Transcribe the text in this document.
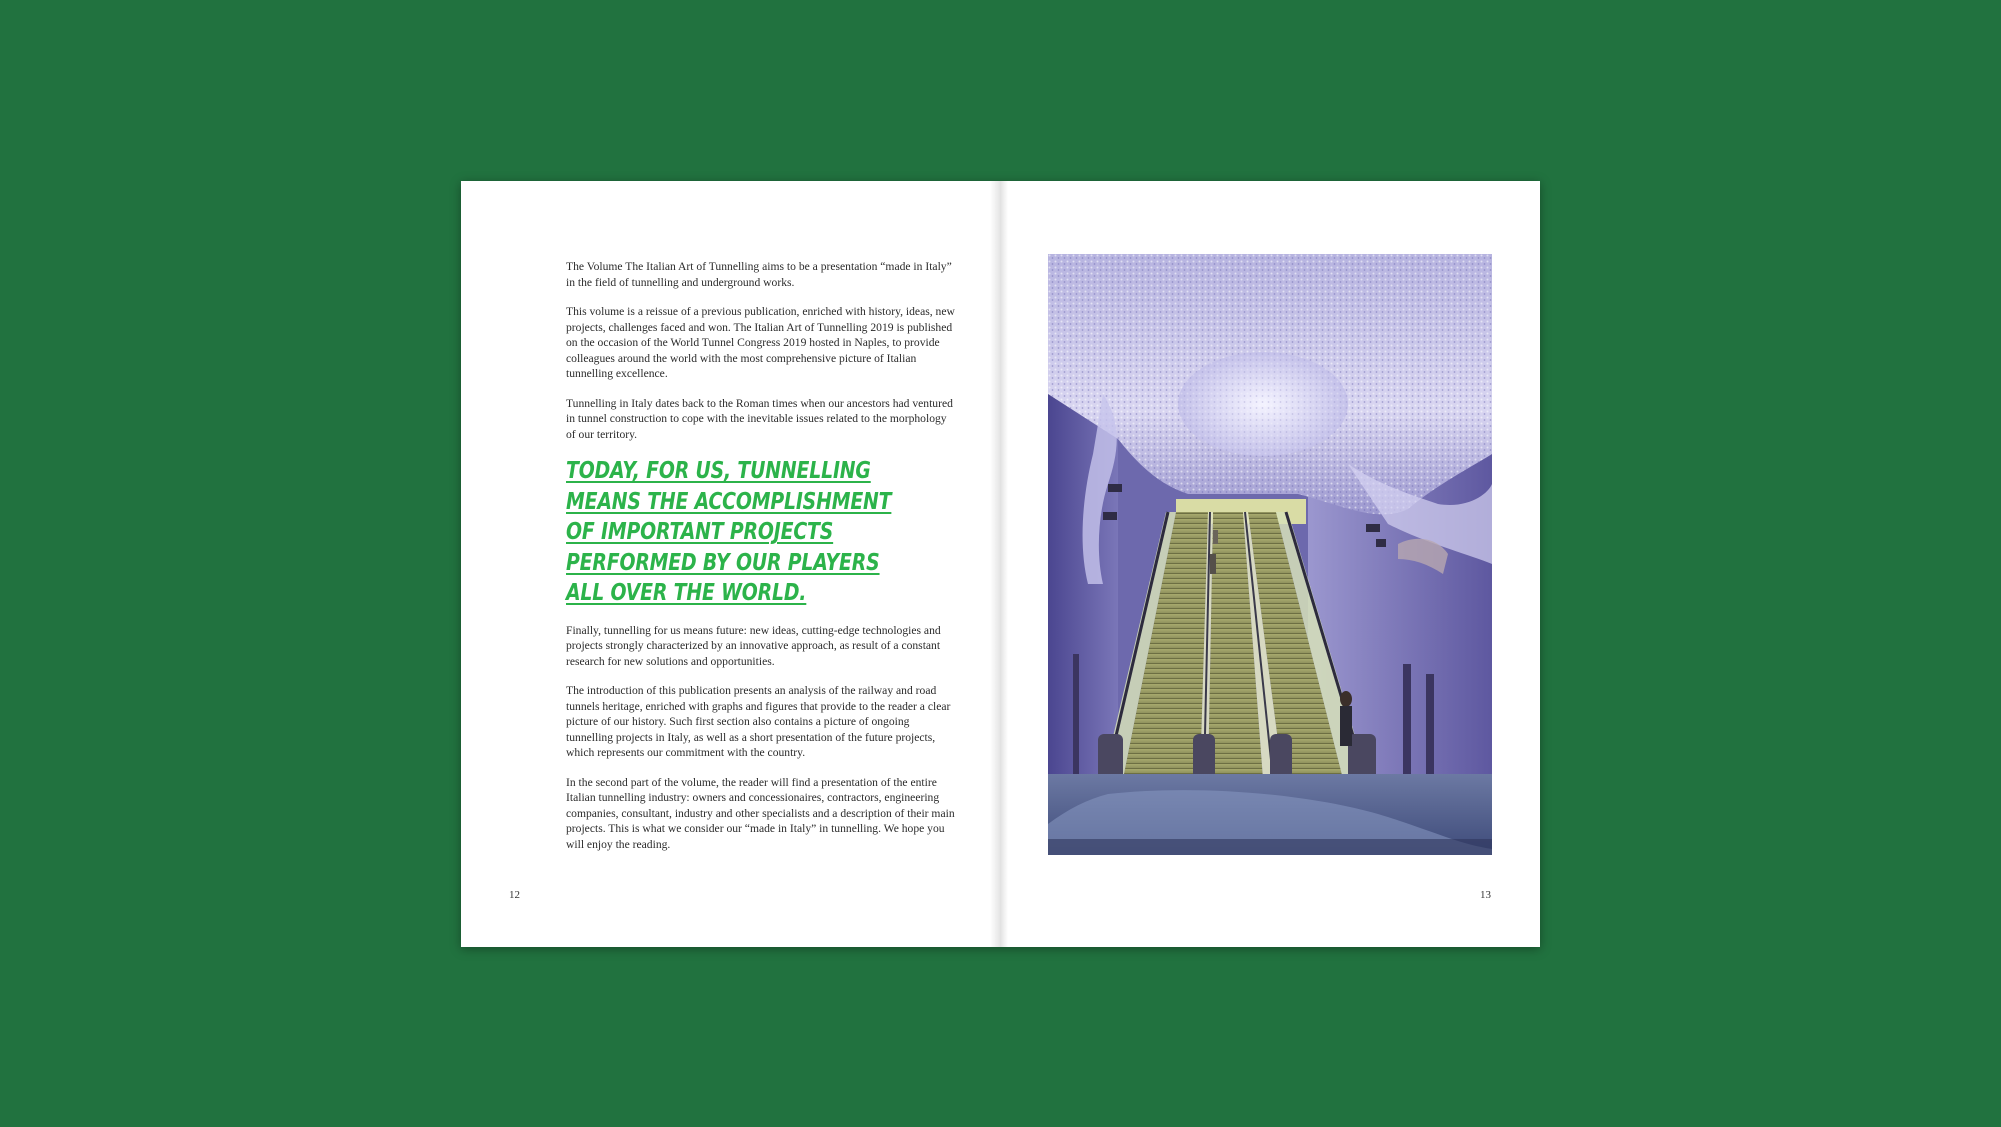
The Volume The Italian Art of Tunnelling aims to be a presentation “made in Italy” in the field of tunnelling and underground works.

This volume is a reissue of a previous publication, enriched with history, ideas, new projects, challenges faced and won. The Italian Art of Tunnelling 2019 is published on the occasion of the World Tunnel Congress 2019 hosted in Naples, to provide colleagues around the world with the most comprehensive picture of Italian tunnelling excellence.

Tunnelling in Italy dates back to the Roman times when our ancestors had ventured in tunnel construction to cope with the inevitable issues related to the morphology of our territory.

TODAY, FOR US, TUNNELLING MEANS THE ACCOMPLISHMENT OF IMPORTANT PROJECTS PERFORMED BY OUR PLAYERS ALL OVER THE WORLD.

Finally, tunnelling for us means future: new ideas, cutting-edge technologies and projects strongly characterized by an innovative approach, as result of a constant research for new solutions and opportunities.

The introduction of this publication presents an analysis of the railway and road tunnels heritage, enriched with graphs and figures that provide to the reader a clear picture of our history. Such first section also contains a picture of ongoing tunnelling projects in Italy, as well as a short presentation of the future projects, which represents our commitment with the country.

In the second part of the volume, the reader will find a presentation of the entire Italian tunnelling industry: owners and concessionaires, contractors, engineering companies, consultant, industry and other specialists and a description of their main projects. This is what we consider our “made in Italy” in tunnelling. We hope you will enjoy the reading.

12	13
